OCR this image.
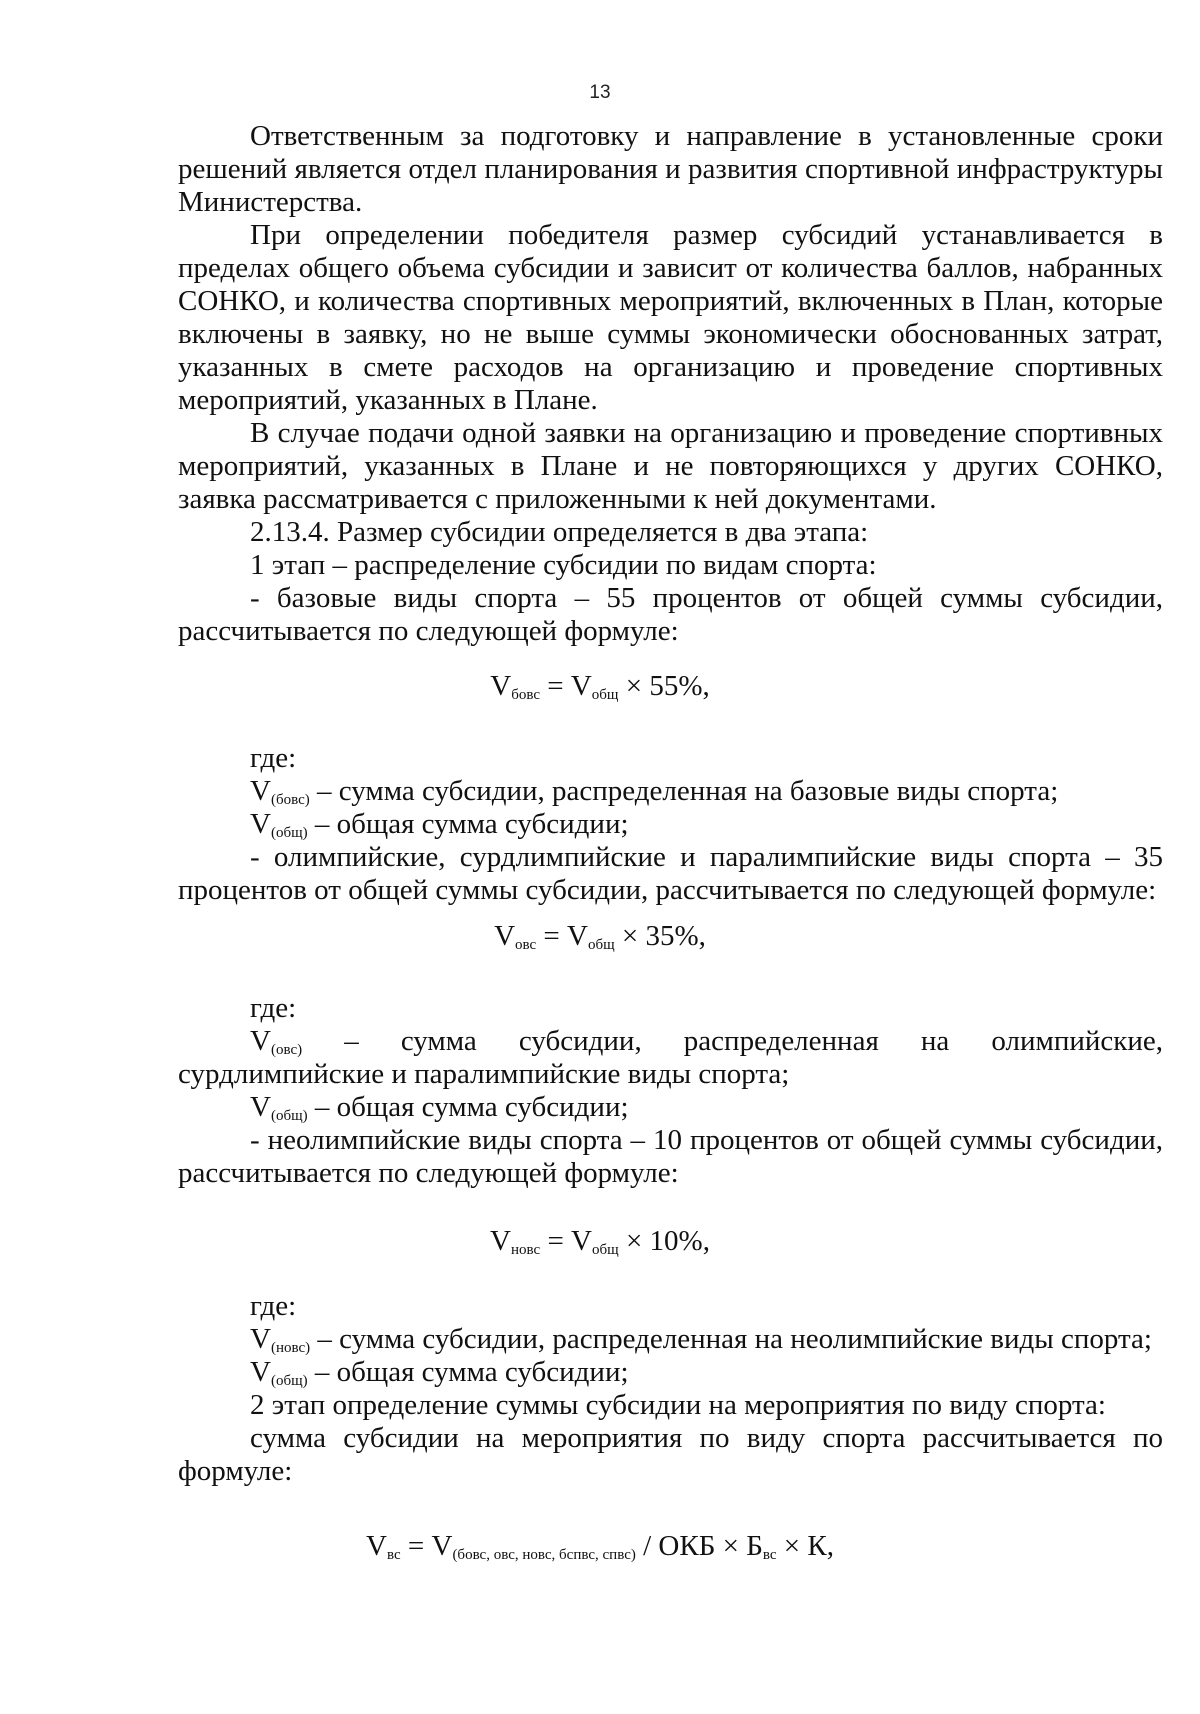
13

Ответственным за подготовку и направление в установленные сроки решений является отдел планирования и развития спортивной инфраструктуры Министерства.

При определении победителя размер субсидий устанавливается в пределах общего объема субсидии и зависит от количества баллов, набранных СОНКО, и количества спортивных мероприятий, включенных в План, которые включены в заявку, но не выше суммы экономически обоснованных затрат, указанных в смете расходов на организацию и проведение спортивных мероприятий, указанных в Плане.

В случае подачи одной заявки на организацию и проведение спортивных мероприятий, указанных в Плане и не повторяющихся у других СОНКО, заявка рассматривается с приложенными к ней документами.

2.13.4. Размер субсидии определяется в два этапа:

1 этап – распределение субсидии по видам спорта:

- базовые виды спорта – 55 процентов от общей суммы субсидии, рассчитывается по следующей формуле:

$V_{бовс} = V_{общ} \times 55\%$,

где:

$V_{(бовс)}$ – сумма субсидии, распределенная на базовые виды спорта;

$V_{(общ)}$ – общая сумма субсидии;

- олимпийские, сурдлимпийские и паралимпийские виды спорта – 35 процентов от общей суммы субсидии, рассчитывается по следующей формуле:

$V_{овс} = V_{общ} \times 35\%$,

где:

$V_{(овс)}$ – сумма субсидии, распределенная на олимпийские, сурдлимпийские и паралимпийские виды спорта;

$V_{(общ)}$ – общая сумма субсидии;

- неолимпийские виды спорта – 10 процентов от общей суммы субсидии, рассчитывается по следующей формуле:

$V_{новс} = V_{общ} \times 10\%$,

где:

$V_{(новс)}$ – сумма субсидии, распределенная на неолимпийские виды спорта;

$V_{(общ)}$ – общая сумма субсидии;

2 этап определение суммы субсидии на мероприятия по виду спорта:

сумма субсидии на мероприятия по виду спорта рассчитывается по формуле:

$V_{вс} = V_{(бовс, овс, новс, бспвс, спвс)}$ / ОКБ × $Б_{вс} \times К$,
